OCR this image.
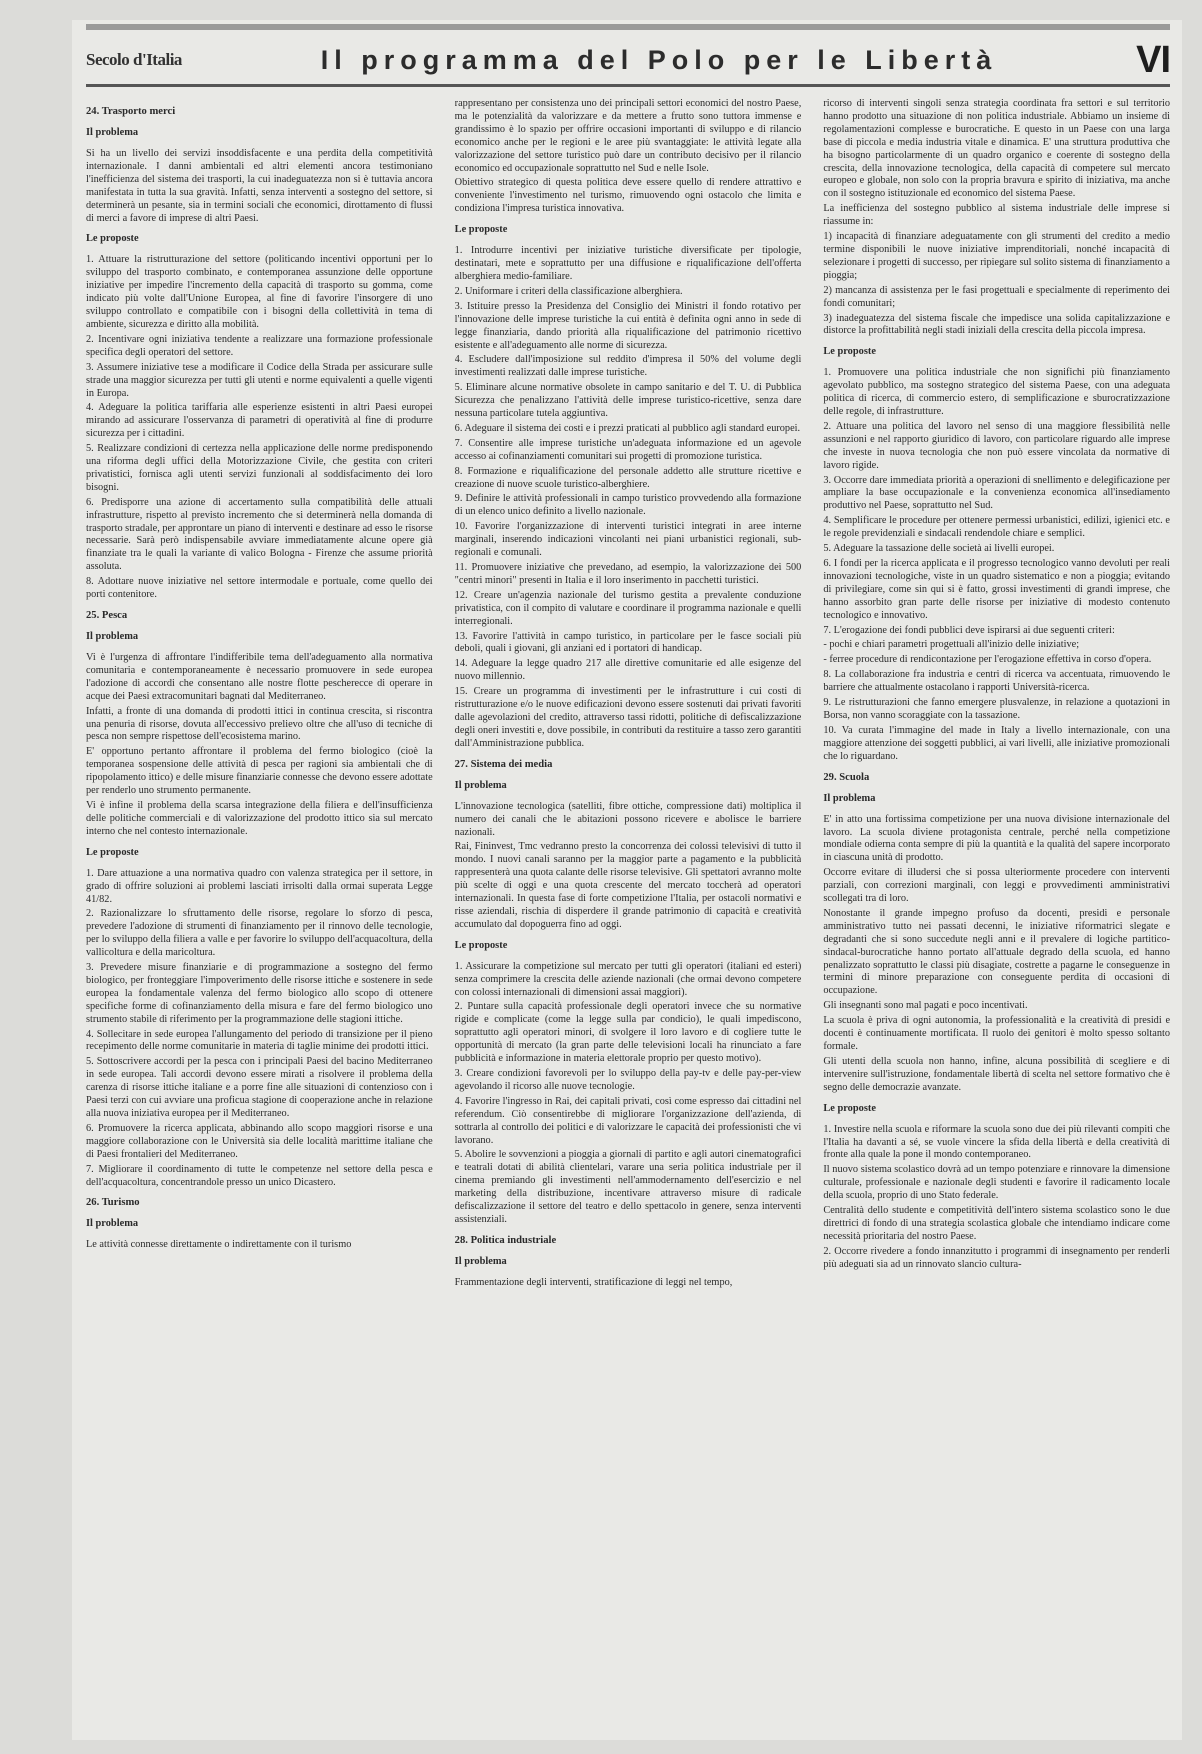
Secolo d'Italia	Il programma del Polo per le Libertà	VI
24. Trasporto merci
Il problema

Si ha un livello dei servizi insoddisfacente e una perdita della competitività internazionale. I danni ambientali ed altri elementi ancora testimoniano l'inefficienza del sistema dei trasporti, la cui inadeguatezza non si è tuttavia ancora manifestata in tutta la sua gravità. Infatti, senza interventi a sostegno del settore, si determinerà un pesante, sia in termini sociali che economici, dirottamento di flussi di merci a favore di imprese di altri Paesi.

Le proposte

1. Attuare la ristrutturazione del settore (politicando incentivi opportuni per lo sviluppo del trasporto combinato, e contemporanea assunzione delle opportune iniziative per impedire l'incremento della capacità di trasporto su gomma, come indicato più volte dall'Unione Europea, al fine di favorire l'insorgere di uno sviluppo controllato e compatibile con i bisogni della collettività in tema di ambiente, sicurezza e diritto alla mobilità.

2. Incentivare ogni iniziativa tendente a realizzare una formazione professionale specifica degli operatori del settore.

3. Assumere iniziative tese a modificare il Codice della Strada per assicurare sulle strade una maggior sicurezza per tutti gli utenti e norme equivalenti a quelle vigenti in Europa.

4. Adeguare la politica tariffaria alle esperienze esistenti in altri Paesi europei mirando ad assicurare l'osservanza di parametri di operatività al fine di produrre sicurezza per i cittadini.

5. Realizzare condizioni di certezza nella applicazione delle norme predisponendo una riforma degli uffici della Motorizzazione Civile, che gestita con criteri privatistici, fornisca agli utenti servizi funzionali al soddisfacimento dei loro bisogni.

6. Predisporre una azione di accertamento sulla compatibilità delle attuali infrastrutture, rispetto al previsto incremento che si determinerà nella domanda di trasporto stradale, per approntare un piano di interventi e destinare ad esso le risorse necessarie. Sarà però indispensabile avviare immediatamente alcune opere già finanziate tra le quali la variante di valico Bologna - Firenze che assume priorità assoluta.

8. Adottare nuove iniziative nel settore intermodale e portuale, come quello dei porti contenitore.

25. Pesca
Il problema

Vi è l'urgenza di affrontare l'indifferibile tema dell'adeguamento alla normativa comunitaria e contemporaneamente è necessario promuovere in sede europea l'adozione di accordi che consentano alle nostre flotte pescherecce di operare in acque dei Paesi extracomunitari bagnati dal Mediterraneo.

Infatti, a fronte di una domanda di prodotti ittici in continua crescita, si riscontra una penuria di risorse, dovuta all'eccessivo prelievo oltre che all'uso di tecniche di pesca non sempre rispettose dell'ecosistema marino.

E' opportuno pertanto affrontare il problema del fermo biologico (cioè la temporanea sospensione delle attività di pesca per ragioni sia ambientali che di ripopolamento ittico) e delle misure finanziarie connesse che devono essere adottate per renderlo uno strumento permanente.

Vi è infine il problema della scarsa integrazione della filiera e dell'insufficienza delle politiche commerciali e di valorizzazione del prodotto ittico sia sul mercato interno che nel contesto internazionale.

Le proposte

1. Dare attuazione a una normativa quadro con valenza strategica per il settore, in grado di offrire soluzioni ai problemi lasciati irrisolti dalla ormai superata Legge 41/82.

2. Razionalizzare lo sfruttamento delle risorse, regolare lo sforzo di pesca, prevedere l'adozione di strumenti di finanziamento per il rinnovo delle tecnologie, per lo sviluppo della filiera a valle e per favorire lo sviluppo dell'acquacoltura, della vallicoltura e della maricoltura.

3. Prevedere misure finanziarie e di programmazione a sostegno del fermo biologico, per fronteggiare l'impoverimento delle risorse ittiche e sostenere in sede europea la fondamentale valenza del fermo biologico allo scopo di ottenere specifiche forme di cofinanziamento della misura e fare del fermo biologico uno strumento stabile di riferimento per la programmazione delle stagioni ittiche.

4. Sollecitare in sede europea l'allungamento del periodo di transizione per il pieno recepimento delle norme comunitarie in materia di taglie minime dei prodotti ittici.

5. Sottoscrivere accordi per la pesca con i principali Paesi del bacino Mediterraneo in sede europea. Tali accordi devono essere mirati a risolvere il problema della carenza di risorse ittiche italiane e a porre fine alle situazioni di contenzioso con i Paesi terzi con cui avviare una proficua stagione di cooperazione anche in relazione alla nuova iniziativa europea per il Mediterraneo.

6. Promuovere la ricerca applicata, abbinando allo scopo maggiori risorse e una maggiore collaborazione con le Università sia delle località marittime italiane che di Paesi frontalieri del Mediterraneo.

7. Migliorare il coordinamento di tutte le competenze nel settore della pesca e dell'acquacoltura, concentrandole presso un unico Dicastero.

26. Turismo
Il problema

Le attività connesse direttamente o indirettamente con il turismo

rappresentano per consistenza uno dei principali settori economici del nostro Paese, ma le potenzialità da valorizzare e da mettere a frutto sono tuttora immense e grandissimo è lo spazio per offrire occasioni importanti di sviluppo e di rilancio economico anche per le regioni e le aree più svantaggiate: le attività legate alla valorizzazione del settore turistico può dare un contributo decisivo per il rilancio economico ed occupazionale soprattutto nel Sud e nelle Isole.

Obiettivo strategico di questa politica deve essere quello di rendere attrattivo e conveniente l'investimento nel turismo, rimuovendo ogni ostacolo che limita e condiziona l'impresa turistica innovativa.

Le proposte

1. Introdurre incentivi per iniziative turistiche diversificate per tipologie, destinatari, mete e soprattutto per una diffusione e riqualificazione dell'offerta alberghiera medio-familiare.

2. Uniformare i criteri della classificazione alberghiera.

3. Istituire presso la Presidenza del Consiglio dei Ministri il fondo rotativo per l'innovazione delle imprese turistiche la cui entità è definita ogni anno in sede di legge finanziaria, dando priorità alla riqualificazione del patrimonio ricettivo esistente e all'adeguamento alle norme di sicurezza.

4. Escludere dall'imposizione sul reddito d'impresa il 50% del volume degli investimenti realizzati dalle imprese turistiche.

5. Eliminare alcune normative obsolete in campo sanitario e del T. U. di Pubblica Sicurezza che penalizzano l'attività delle imprese turistico-ricettive, senza dare nessuna particolare tutela aggiuntiva.

6. Adeguare il sistema dei costi e i prezzi praticati al pubblico agli standard europei.

7. Consentire alle imprese turistiche un'adeguata informazione ed un agevole accesso ai cofinanziamenti comunitari sui progetti di promozione turistica.

8. Formazione e riqualificazione del personale addetto alle strutture ricettive e creazione di nuove scuole turistico-alberghiere.

9. Definire le attività professionali in campo turistico provvedendo alla formazione di un elenco unico definito a livello nazionale.

10. Favorire l'organizzazione di interventi turistici integrati in aree interne marginali, inserendo indicazioni vincolanti nei piani urbanistici regionali, sub-regionali e comunali.

11. Promuovere iniziative che prevedano, ad esempio, la valorizzazione dei 500 "centri minori" presenti in Italia e il loro inserimento in pacchetti turistici.

12. Creare un'agenzia nazionale del turismo gestita a prevalente conduzione privatistica, con il compito di valutare e coordinare il programma nazionale e quelli interregionali.

13. Favorire l'attività in campo turistico, in particolare per le fasce sociali più deboli, quali i giovani, gli anziani ed i portatori di handicap.

14. Adeguare la legge quadro 217 alle direttive comunitarie ed alle esigenze del nuovo millennio.

15. Creare un programma di investimenti per le infrastrutture i cui costi di ristrutturazione e/o le nuove edificazioni devono essere sostenuti dai privati favoriti dalle agevolazioni del credito, attraverso tassi ridotti, politiche di defiscalizzazione degli oneri investiti e, dove possibile, in contributi da restituire a tasso zero garantiti dall'Amministrazione pubblica.

27. Sistema dei media
Il problema

L'innovazione tecnologica (satelliti, fibre ottiche, compressione dati) moltiplica il numero dei canali che le abitazioni possono ricevere e abolisce le barriere nazionali.

Rai, Fininvest, Tmc vedranno presto la concorrenza dei colossi televisivi di tutto il mondo. I nuovi canali saranno per la maggior parte a pagamento e la pubblicità rappresenterà una quota calante delle risorse televisive. Gli spettatori avranno molte più scelte di oggi e una quota crescente del mercato toccherà ad operatori internazionali. In questa fase di forte competizione l'Italia, per ostacoli normativi e risse aziendali, rischia di disperdere il grande patrimonio di capacità e creatività accumulato dal dopoguerra fino ad oggi.

Le proposte

1. Assicurare la competizione sul mercato per tutti gli operatori (italiani ed esteri) senza comprimere la crescita delle aziende nazionali (che ormai devono competere con colossi internazionali di dimensioni assai maggiori).

2. Puntare sulla capacità professionale degli operatori invece che su normative rigide e complicate (come la legge sulla par condicio), le quali impediscono, soprattutto agli operatori minori, di svolgere il loro lavoro e di cogliere tutte le opportunità di mercato (la gran parte delle televisioni locali ha rinunciato a fare pubblicità e informazione in materia elettorale proprio per questo motivo).

3. Creare condizioni favorevoli per lo sviluppo della pay-tv e delle pay-per-view agevolando il ricorso alle nuove tecnologie.

4. Favorire l'ingresso in Rai, dei capitali privati, così come espresso dai cittadini nel referendum. Ciò consentirebbe di migliorare l'organizzazione dell'azienda, di sottrarla al controllo dei politici e di valorizzare le capacità dei professionisti che vi lavorano.

5. Abolire le sovvenzioni a pioggia a giornali di partito e agli autori cinematografici e teatrali dotati di abilità clientelari, varare una seria politica industriale per il cinema premiando gli investimenti nell'ammodernamento dell'esercizio e nel marketing della distribuzione, incentivare attraverso misure di radicale defiscalizzazione il settore del teatro e dello spettacolo in genere, senza interventi assistenziali.

28. Politica industriale
Il problema

Frammentazione degli interventi, stratificazione di leggi nel tempo,

ricorso di interventi singoli senza strategia coordinata fra settori e sul territorio hanno prodotto una situazione di non politica industriale. Abbiamo un insieme di regolamentazioni complesse e burocratiche. E questo in un Paese con una larga base di piccola e media industria vitale e dinamica. E' una struttura produttiva che ha bisogno particolarmente di un quadro organico e coerente di sostegno della crescita, della innovazione tecnologica, della capacità di competere sul mercato europeo e globale, non solo con la propria bravura e spirito di iniziativa, ma anche con il sostegno istituzionale ed economico del sistema Paese.

La inefficienza del sostegno pubblico al sistema industriale delle imprese si riassume in:

1) incapacità di finanziare adeguatamente con gli strumenti del credito a medio termine disponibili le nuove iniziative imprenditoriali, nonché incapacità di selezionare i progetti di successo, per ripiegare sul solito sistema di finanziamento a pioggia;

2) mancanza di assistenza per le fasi progettuali e specialmente di reperimento dei fondi comunitari;

3) inadeguatezza del sistema fiscale che impedisce una solida capitalizzazione e distorce la profittabilità negli stadi iniziali della crescita della piccola impresa.

Le proposte

1. Promuovere una politica industriale che non significhi più finanziamento agevolato pubblico, ma sostegno strategico del sistema Paese, con una adeguata politica di ricerca, di commercio estero, di semplificazione e sburocratizzazione delle regole, di infrastrutture.

2. Attuare una politica del lavoro nel senso di una maggiore flessibilità nelle assunzioni e nel rapporto giuridico di lavoro, con particolare riguardo alle imprese che investe in nuova tecnologia che non può essere vincolata da normative di lavoro rigide.

3. Occorre dare immediata priorità a operazioni di snellimento e delegificazione per ampliare la base occupazionale e la convenienza economica all'insediamento produttivo nel Paese, soprattutto nel Sud.

4. Semplificare le procedure per ottenere permessi urbanistici, edilizi, igienici etc. e le regole previdenziali e sindacali rendendole chiare e semplici.

5. Adeguare la tassazione delle società ai livelli europei.

6. I fondi per la ricerca applicata e il progresso tecnologico vanno devoluti per reali innovazioni tecnologiche, viste in un quadro sistematico e non a pioggia; evitando di privilegiare, come sin qui si è fatto, grossi investimenti di grandi imprese, che hanno assorbito gran parte delle risorse per iniziative di modesto contenuto tecnologico e innovativo.

7. L'erogazione dei fondi pubblici deve ispirarsi ai due seguenti criteri:

- pochi e chiari parametri progettuali all'inizio delle iniziative;

- ferree procedure di rendicontazione per l'erogazione effettiva in corso d'opera.

8. La collaborazione fra industria e centri di ricerca va accentuata, rimuovendo le barriere che attualmente ostacolano i rapporti Università-ricerca.

9. Le ristrutturazioni che fanno emergere plusvalenze, in relazione a quotazioni in Borsa, non vanno scoraggiate con la tassazione.

10. Va curata l'immagine del made in Italy a livello internazionale, con una maggiore attenzione dei soggetti pubblici, ai vari livelli, alle iniziative promozionali che lo riguardano.

29. Scuola
Il problema

E' in atto una fortissima competizione per una nuova divisione internazionale del lavoro. La scuola diviene protagonista centrale, perché nella competizione mondiale odierna conta sempre di più la quantità e la qualità del sapere incorporato in ciascuna unità di prodotto.

Occorre evitare di illudersi che si possa ulteriormente procedere con interventi parziali, con correzioni marginali, con leggi e provvedimenti amministrativi scollegati tra di loro.

Nonostante il grande impegno profuso da docenti, presidi e personale amministrativo tutto nei passati decenni, le iniziative riformatrici slegate e degradanti che si sono succedute negli anni e il prevalere di logiche partitico-sindacal-burocratiche hanno portato all'attuale degrado della scuola, ed hanno penalizzato soprattutto le classi più disagiate, costrette a pagarne le conseguenze in termini di minore preparazione con conseguente perdita di occasioni di occupazione.

Gli insegnanti sono mal pagati e poco incentivati.

La scuola è priva di ogni autonomia, la professionalità e la creatività di presidi e docenti è continuamente mortificata. Il ruolo dei genitori è molto spesso soltanto formale.

Gli utenti della scuola non hanno, infine, alcuna possibilità di scegliere e di intervenire sull'istruzione, fondamentale libertà di scelta nel settore formativo che è segno delle democrazie avanzate.

Le proposte

1. Investire nella scuola e riformare la scuola sono due dei più rilevanti compiti che l'Italia ha davanti a sé, se vuole vincere la sfida della libertà e della creatività di fronte alla quale la pone il mondo contemporaneo.

Il nuovo sistema scolastico dovrà ad un tempo potenziare e rinnovare la dimensione culturale, professionale e nazionale degli studenti e favorire il radicamento locale della scuola, proprio di uno Stato federale.

Centralità dello studente e competitività dell'intero sistema scolastico sono le due direttrici di fondo di una strategia scolastica globale che intendiamo indicare come necessità prioritaria del nostro Paese.

2. Occorre rivedere a fondo innanzitutto i programmi di insegnamento per renderli più adeguati sia ad un rinnovato slancio cultura-
